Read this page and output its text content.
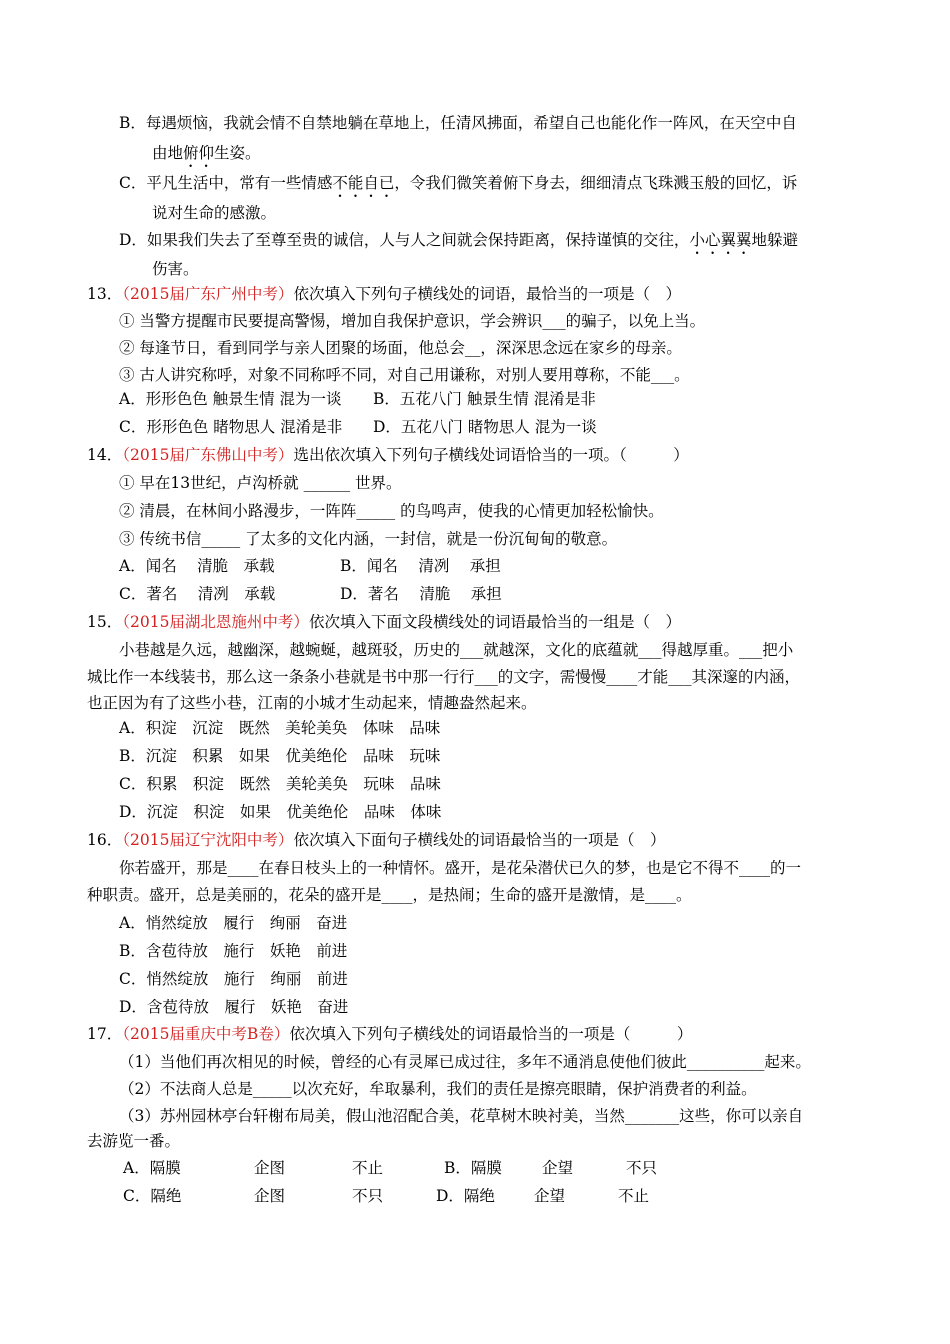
B．每遇烦恼，我就会情不自禁地躺在草地上，任清风拂面，希望自己也能化作一阵风，在天空中自
由地俯仰生姿。
C．平凡生活中，常有一些情感不能自已，令我们微笑着俯下身去，细细清点飞珠溅玉般的回忆，诉
说对生命的感激。
D．如果我们失去了至尊至贵的诚信，人与人之间就会保持距离，保持谨慎的交往，小心翼翼地躲避
伤害。
13．（2015届广东广州中考）依次填入下列句子横线处的词语，最恰当的一项是（　）
① 当警方提醒市民要提高警惕，增加自我保护意识，学会辨识___的骗子，以免上当。
② 每逢节日，看到同学与亲人团聚的场面，他总会__，深深思念远在家乡的母亲。
③ 古人讲究称呼，对象不同称呼不同，对自己用谦称，对别人要用尊称，不能___。
A．形形色色 触景生情 混为一谈 B．五花八门 触景生情 混淆是非
C．形形色色 睹物思人 混淆是非 D．五花八门 睹物思人 混为一谈
14．（2015届广东佛山中考）选出依次填入下列句子横线处词语恰当的一项。（　　　）
① 早在13世纪，卢沟桥就 ______ 世界。
② 清晨，在林间小路漫步，一阵阵_____ 的鸟鸣声，使我的心情更加轻松愉快。
③ 传统书信_____ 了太多的文化内涵，一封信，就是一份沉甸甸的敬意。
A．闻名　 清脆　承载	B．闻名　 清冽　 承担
C．著名　 清冽　承载	D．著名　 清脆　 承担
15．（2015届湖北恩施州中考）依次填入下面文段横线处的词语最恰当的一组是（　）
小巷越是久远，越幽深，越蜿蜒，越斑驳，历史的___就越深，文化的底蕴就___得越厚重。___把小
城比作一本线装书，那么这一条条小巷就是书中那一行行___的文字，需慢慢____才能___其深邃的内涵，
也正因为有了这些小巷，江南的小城才生动起来，情趣盎然起来。
A．积淀　沉淀　既然　美轮美奂　体味　品味
B．沉淀　积累　如果　优美绝伦　品味　玩味
C．积累　积淀　既然　美轮美奂　玩味　品味
D．沉淀　积淀　如果　优美绝伦　品味　体味
16．（2015届辽宁沈阳中考）依次填入下面句子横线处的词语最恰当的一项是（　）
你若盛开，那是____在春日枝头上的一种情怀。盛开，是花朵潜伏已久的梦，也是它不得不____的一
种职责。盛开，总是美丽的，花朵的盛开是____，是热闹；生命的盛开是激情，是____。
A．悄然绽放　履行　绚丽　奋进
B．含苞待放　施行　妖艳　前进
C．悄然绽放　施行　绚丽　前进
D．含苞待放　履行　妖艳　奋进
17．（2015届重庆中考B卷）依次填入下列句子横线处的词语最恰当的一项是（　　　）
（1）当他们再次相见的时候，曾经的心有灵犀已成过往，多年不通消息使他们彼此__________起来。
（2）不法商人总是_____以次充好，牟取暴利，我们的责任是擦亮眼睛，保护消费者的利益。
（3）苏州园林亭台轩榭布局美，假山池沼配合美，花草树木映衬美，当然_______这些，你可以亲自
去游览一番。
A．隔膜	企图	不止	B．隔膜	企望	不只
C．隔绝	企图	不只	D．隔绝	企望	不止
